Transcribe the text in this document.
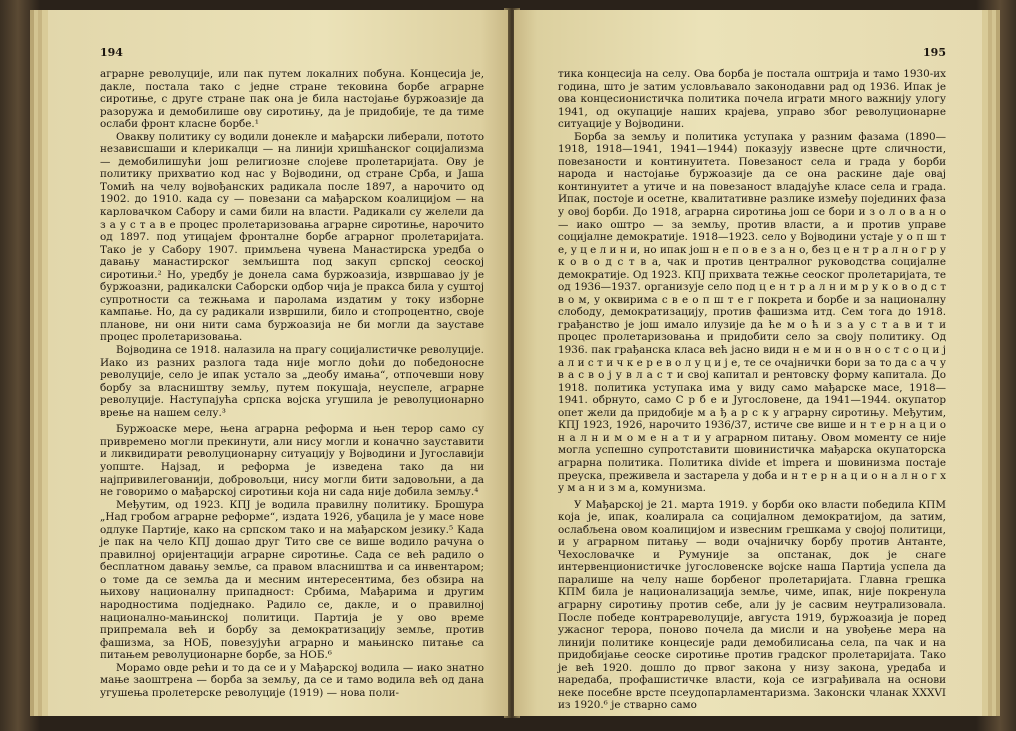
194

аграрне револуције, или пак путем локалних побуна. Концесија је, дакле, постала тако с једне стране тековина борбе аграрне сиротиње, с друге стране пак она је била настојање буржоазије да разоружа и демобилише ову сиротињу, да је придобије, те да тиме ослаби фронт класне борбе.¹

Овакву политику су водили донекле и мађарски либерали, потото независшаши и клерикалци — на линији хришћанског социјализма — демобилишући још религиозне слојеве пролетаријата. Ову је политику прихватио код нас у Војводини, од стране Срба, и Јаша Томић на челу војвођанских радикала после 1897, а нарочито од 1902. до 1910. када су — повезани са мађарском коалицијом — на карловачком Сабору и сами били на власти. Радикали су желели да з а у с т а в е процес пролетаризовања аграрне сиротиње, нарочито од 1897. под утицајем фронталне борбе аграрног пролетаријата. Тако је у Сабору 1907. примљена чувена Манастирска уредба о давању манастирског земљишта под закуп српској сеоској сиротињи.² Но, уредбу је донела сама буржоазија, извршавао ју је буржоазни, радикалски Саборски одбор чија је пракса била у суштој супротности са тежњама и паролама издатим у току изборне кампање. Но, да су радикали извршили, било и стопроцентно, своје планове, ни они нити сама буржоазија не би могли да зауставе процес пролетаризовања.

Војводина се 1918. налазила на прагу социјалистичке револуције. Иако из разних разлога тада није могло доћи до победоносне револуције, село је ипак устало за „деобу имања“, отпочевши нову борбу за власништву земљу, путем покушаја, неуспеле, аграрне револуције. Наступајућа српска војска угушила је револуционарно врење на нашем селу.³

Буржоаске мере, њена аграрна реформа и њен терор само су привремено могли прекинути, али нису могли и коначно зауставити и ликвидирати револуционарну ситуацију у Војводини и Југославији уопште. Најзад, и реформа је изведена тако да ни најпривилегованији, добровољци, нису могли бити задовољни, а да не говоримо о мађарској сиротињи која ни сада није добила земљу.⁴

Међутим, од 1923. КПЈ је водила правилну политику. Брошура „Над гробом аграрне реформе“, издата 1926, убацила је у масе нове одлуке Партије, како на српском тако и на мађарском језику.⁵ Када је пак на чело КПЈ дошао друг Тито све се више водило рачуна о правилној оријентацији аграрне сиротиње. Сада се већ радило о бесплатном давању земље, са правом власништва и са инвентаром; о томе да се земља да и месним интересентима, без обзира на њихову националну припадност: Србима, Мађарима и другим народностима подједнако. Радило се, дакле, и о правилној национално-мањинској политици. Партија је у ово време припремала већ и борбу за демократизацију земље, против фашизма, за НОБ, повезујући аграрно и мањинско питање са питањем револуционарне борбе, за НОБ.⁶

Морамо овде рећи и то да се и у Мађарској водила — иако знатно мање заоштрена — борба за земљу, да се и тамо водила већ од дана угушења пролетерске револуције (1919) — нова поли-

195

тика концесија на селу. Ова борба је постала оштрија и тамо 1930-их година, што је затим условљавало законодавни рад од 1936. Ипак је ова концесионистичка политика почела играти много важнију улогу 1941, од окупације наших крајева, управо због револуционарне ситуације у Војводини.

Борба за земљу и политика уступака у разним фазама (1890—1918, 1918—1941, 1941—1944) показују извесне црте сличности, повезаности и континуитета. Повезаност села и града у борби народа и настојање буржоазије да се она раскине даје овај континуитет а утиче и на повезаност владајуће класе села и града. Ипак, постоје и осетне, квалитативне разлике између појединих фаза у овој борби. До 1918, аграрна сиротиња још се бори и з о л о в а н о — иако оштро — за земљу, против власти, а и против управе социјалне демократије. 1918—1923. село у Војводини устаје у о п ш т е, у ц е л и н и, но ипак још н е п о в е з а н о, без ц е н т р а л н о г р у к о в о д с т в а, чак и против централног руководства социјалне демократије. Од 1923. КПЈ прихвата тежње сеоског пролетаријата, те од 1936—1937. организује село под ц е н т р а л н и м р у к о в о д с т в о м, у оквирима с в е о п ш т е г покрета и борбе и за националну слободу, демократизацију, против фашизма итд. Сем тога до 1918. грађанство је још имало илузије да ће м о ћ и з а у с т а в и т и процес пролетаризовања и придобити село за своју политику. Од 1936. пак грађанска класа већ јасно види н е м и н о в н о с т с о ц и ј а л и с т и ч к е р е в о л у ц и ј е, те се очајнички бори за то да с а ч у в а с в о ј у в л а с т и свој капитал и рентовску форму капитала. До 1918. политика уступака има у виду само мађарске масе, 1918—1941. обрнуто, само С р б е и Југословене, да 1941—1944. окупатор опет жели да придобије м а ђ а р с к у аграрну сиротињу. Међутим, КПЈ 1923, 1926, нарочито 1936/37, истиче све више и н т е р н а ц и о н а л н и м о м е н а т и у аграрном питању. Овом моменту се није могла успешно супротставити шовинистичка мађарска окупаторска аграрна политика. Политика divide et impera и шовинизма постаје преуска, преживела и застарела у доба и н т е р н а ц и о н а л н о г х у м а н и з м а, комунизма.

У Мађарској је 21. марта 1919. у борби око власти победила КПМ која је, ипак, коалирала са социјалном демократијом, да затим, ослабљена овом коалицијом и извесним грешкама у својој политици, и у аграрном питању — води очајничку борбу против Антанте, Чехословачке и Румуније за опстанак, док је снаге интервенционистичке југословенске војске наша Партија успела да паралише на челу наше борбеног пролетаријата. Главна грешка КПМ била је национализација земље, чиме, ипак, није покренула аграрну сиротињу против себе, али ју је сасвим неутрализовала. После победе контрареволуције, августа 1919, буржоазија је поред ужасног терора, поново почела да мисли и на увођење мера на линији политике концесије ради демобилисања села, па чак и на придобијање сеоске сиротиње против градског пролетаријата. Тако је већ 1920. дошло до првог закона у низу закона, уредаба и наредаба, профашистичке власти, која се изграђивала на основи неке посебне врсте псеудопарламентаризма. Законски чланак XXXVI из 1920.⁶ је стварно само
